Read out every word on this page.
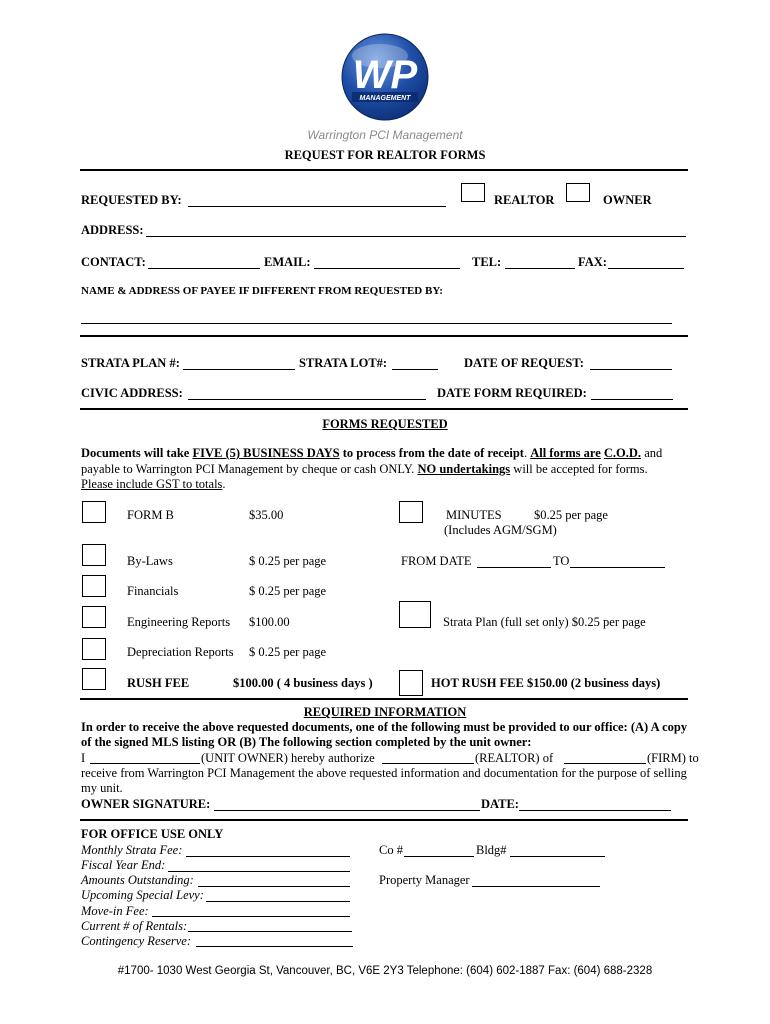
WP
MANAGEMENT
Warrington PCI Management
REQUEST FOR REALTOR FORMS
REQUESTED BY:	REALTOR	OWNER
ADDRESS:
CONTACT:	EMAIL:	TEL:	FAX:
NAME & ADDRESS OF PAYEE IF DIFFERENT FROM REQUESTED BY:
STRATA PLAN #:	STRATA LOT#:	DATE OF REQUEST:
CIVIC ADDRESS:	DATE FORM REQUIRED:
FORMS REQUESTED

Documents will take FIVE (5) BUSINESS DAYS to process from the date of receipt. All forms are C.O.D. and payable to Warrington PCI Management by cheque or cash ONLY. NO undertakings will be accepted for forms. Please include GST to totals.

FORM B	$35.00
By-Laws	$ 0.25 per page
Financials	$ 0.25 per page
Engineering Reports $100.00
Depreciation Reports $ 0.25 per page
RUSH FEE	$100.00 ( 4 business days )
MINUTES	$0.25 per page
(Includes AGM/SGM)
FROM DATE	TO
Strata Plan (full set only) $0.25 per page
HOT RUSH FEE $150.00 (2 business days)
REQUIRED INFORMATION

In order to receive the above requested documents, one of the following must be provided to our office: (A) A copy of the signed MLS listing OR (B) The following section completed by the unit owner:

I	(UNIT OWNER) hereby authorize	(REALTOR) of	(FIRM) to

receive from Warrington PCI Management the above requested information and documentation for the purpose of selling my unit.

OWNER SIGNATURE:	DATE:
FOR OFFICE USE ONLY
Monthly Strata Fee:
Fiscal Year End:
Amounts Outstanding:
Upcoming Special Levy:
Move-in Fee:
Current # of Rentals:
Contingency Reserve:
Co #	Bldg#
Property Manager
#1700- 1030 West Georgia St, Vancouver, BC, V6E 2Y3 Telephone: (604) 602-1887 Fax: (604) 688-2328
